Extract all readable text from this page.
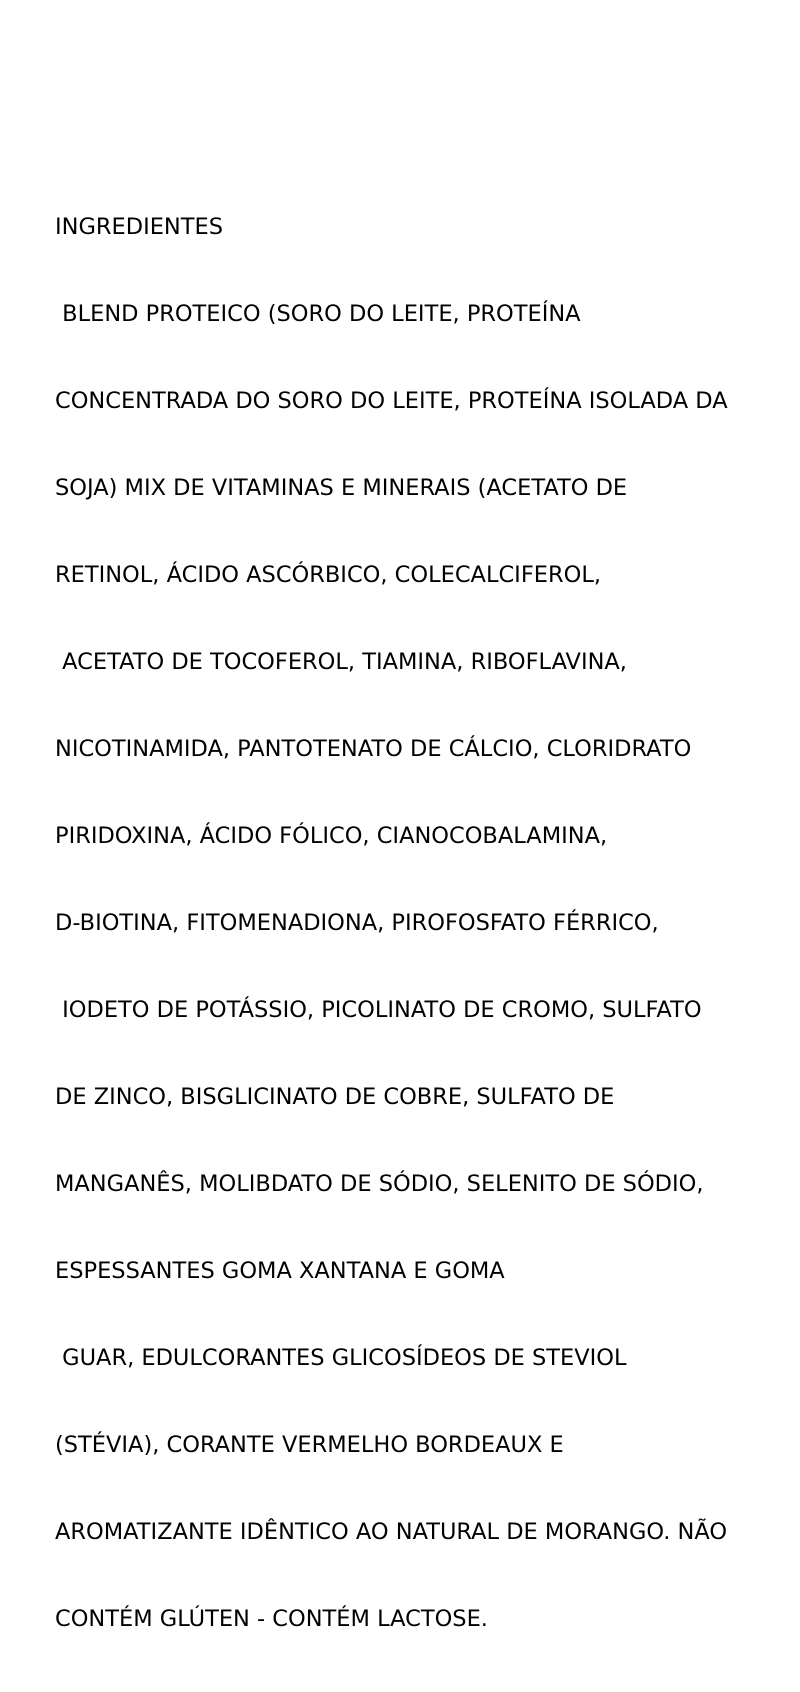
INGREDIENTES

BLEND PROTEICO (SORO DO LEITE, PROTEÍNA

CONCENTRADA DO SORO DO LEITE, PROTEÍNA ISOLADA DA

SOJA) MIX DE VITAMINAS E MINERAIS (ACETATO DE

RETINOL, ÁCIDO ASCÓRBICO, COLECALCIFEROL,

ACETATO DE TOCOFEROL, TIAMINA, RIBOFLAVINA,

NICOTINAMIDA, PANTOTENATO DE CÁLCIO, CLORIDRATO

PIRIDOXINA, ÁCIDO FÓLICO, CIANOCOBALAMINA,

D-BIOTINA, FITOMENADIONA, PIROFOSFATO FÉRRICO,

IODETO DE POTÁSSIO, PICOLINATO DE CROMO, SULFATO

DE ZINCO, BISGLICINATO DE COBRE, SULFATO DE

MANGANÊS, MOLIBDATO DE SÓDIO, SELENITO DE SÓDIO,

ESPESSANTES GOMA XANTANA E GOMA

GUAR, EDULCORANTES GLICOSÍDEOS DE STEVIOL

(STÉVIA), CORANTE VERMELHO BORDEAUX E

AROMATIZANTE IDÊNTICO AO NATURAL DE MORANGO. NÃO

CONTÉM GLÚTEN - CONTÉM LACTOSE.
